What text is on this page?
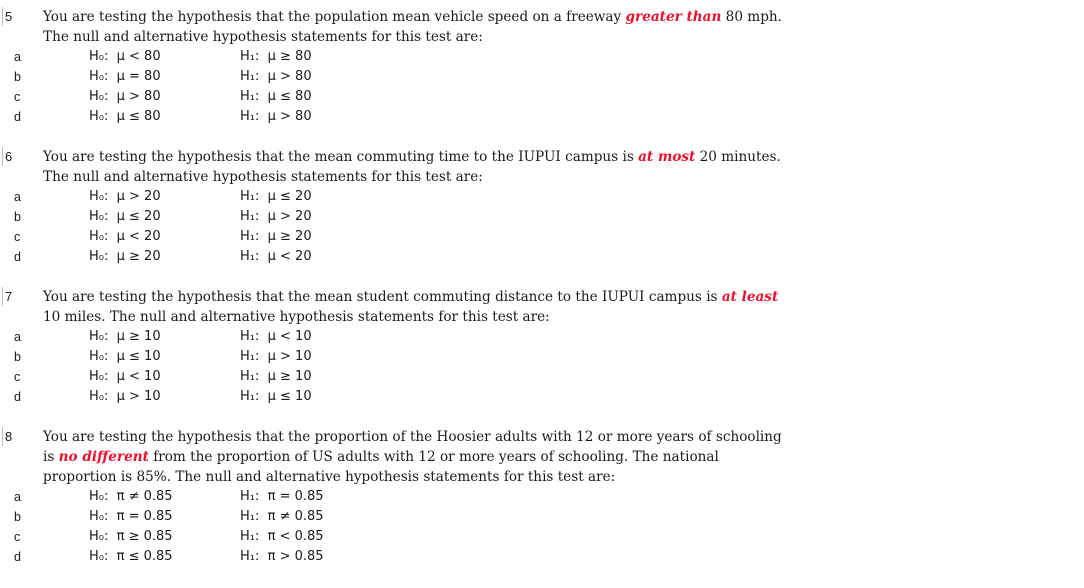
5	You are testing the hypothesis that the population mean vehicle speed on a freeway greater than 80 mph.
The null and alternative hypothesis statements for this test are:
a	H₀:  μ < 80	H₁:  μ ≥ 80
b	H₀:  μ = 80	H₁:  μ > 80
c	H₀:  μ > 80	H₁:  μ ≤ 80
d	H₀:  μ ≤ 80	H₁:  μ > 80
6	You are testing the hypothesis that the mean commuting time to the IUPUI campus is at most 20 minutes.
The null and alternative hypothesis statements for this test are:
a	H₀:  μ > 20	H₁:  μ ≤ 20
b	H₀:  μ ≤ 20	H₁:  μ > 20
c	H₀:  μ < 20	H₁:  μ ≥ 20
d	H₀:  μ ≥ 20	H₁:  μ < 20
7	You are testing the hypothesis that the mean student commuting distance to the IUPUI campus is at least
10 miles. The null and alternative hypothesis statements for this test are:
a	H₀:  μ ≥ 10	H₁:  μ < 10
b	H₀:  μ ≤ 10	H₁:  μ > 10
c	H₀:  μ < 10	H₁:  μ ≥ 10
d	H₀:  μ > 10	H₁:  μ ≤ 10
8	You are testing the hypothesis that the proportion of the Hoosier adults with 12 or more years of schooling
is no different from the proportion of US adults with 12 or more years of schooling. The national
proportion is 85%. The null and alternative hypothesis statements for this test are:
a	H₀:  π ≠ 0.85	H₁:  π = 0.85
b	H₀:  π = 0.85	H₁:  π ≠ 0.85
c	H₀:  π ≥ 0.85	H₁:  π < 0.85
d	H₀:  π ≤ 0.85	H₁:  π > 0.85
